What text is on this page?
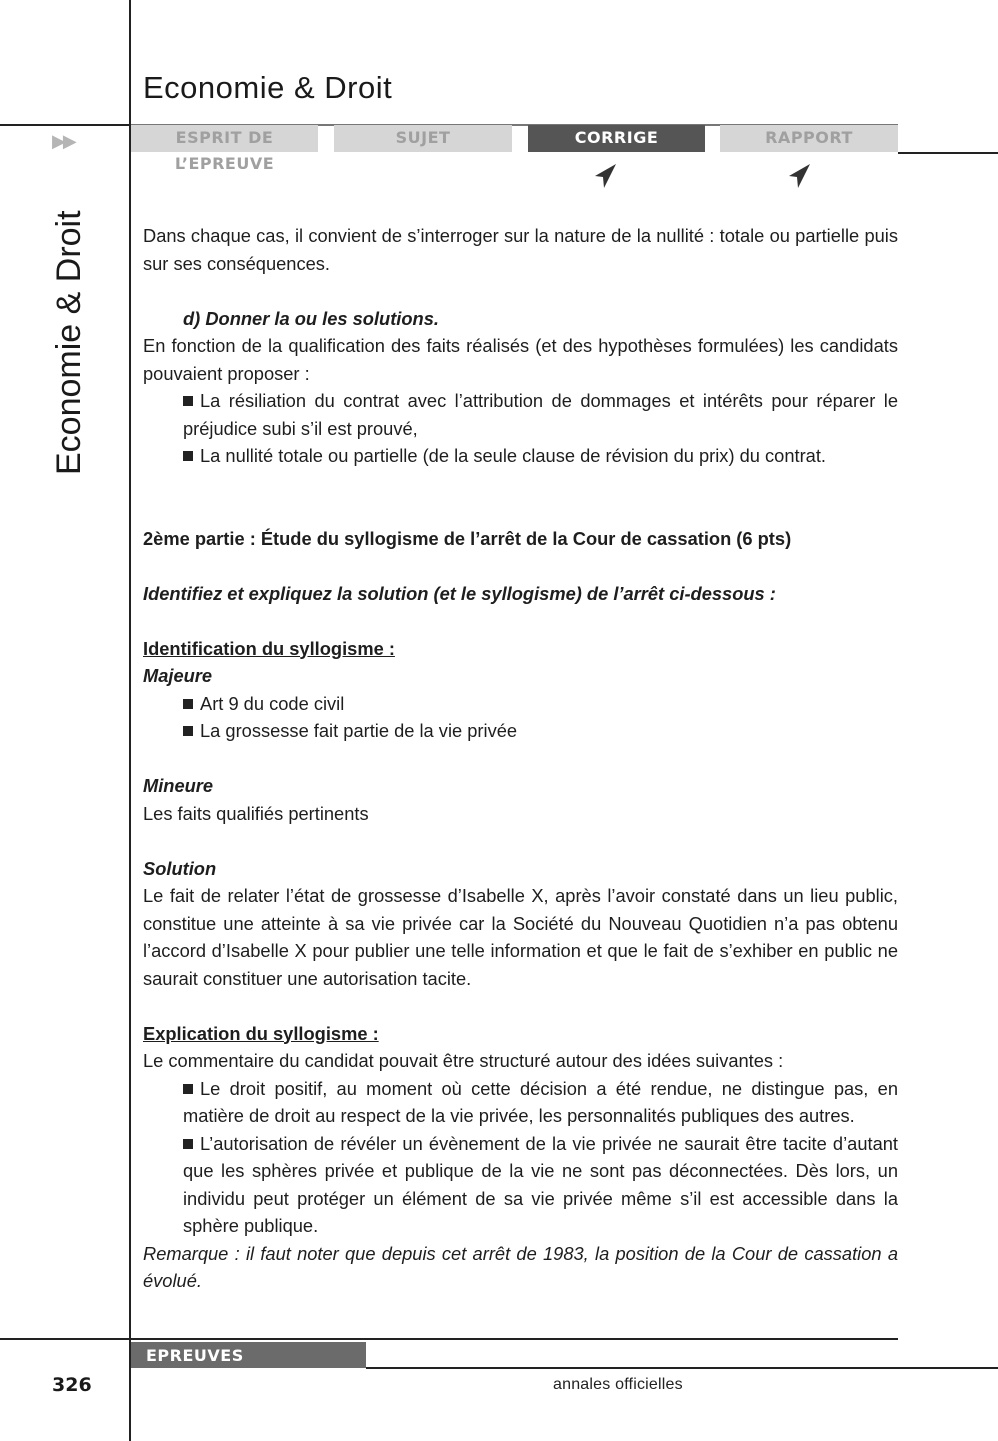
Economie & Droit
▶▶
Economie & Droit
ESPRIT DE L’EPREUVE
SUJET	CORRIGE	RAPPORT

Dans chaque cas, il convient de s’interroger sur la nature de la nullité : totale ou partielle puis sur ses conséquences.

d) Donner la ou les solutions.

En fonction de la qualification des faits réalisés (et des hypothèses formulées) les candidats pouvaient proposer :

La résiliation du contrat avec l’attribution de dommages et intérêts pour réparer le préjudice subi s’il est prouvé,

La nullité totale ou partielle (de la seule clause de révision du prix) du contrat.

2ème partie : Étude du syllogisme de l’arrêt de la Cour de cassation (6 pts)

Identifiez et expliquez la solution (et le syllogisme) de l’arrêt ci-dessous :

Identification du syllogisme :

Majeure

Art 9 du code civil

La grossesse fait partie de la vie privée

Mineure

Les faits qualifiés pertinents

Solution

Le fait de relater l’état de grossesse d’Isabelle X, après l’avoir constaté dans un lieu public, constitue une atteinte à sa vie privée car la Société du Nouveau Quotidien n’a pas obtenu l’accord d’Isabelle X pour publier une telle information et que le fait de s’exhiber en public ne saurait constituer une autorisation tacite.

Explication du syllogisme :

Le commentaire du candidat pouvait être structuré autour des idées suivantes :

Le droit positif, au moment où cette décision a été rendue, ne distingue pas, en matière de droit au respect de la vie privée, les personnalités publiques des autres.

L’autorisation de révéler un évènement de la vie privée ne saurait être tacite d’autant que les sphères privée et publique de la vie ne sont pas déconnectées. Dès lors, un individu peut protéger un élément de sa vie privée même s’il est accessible dans la sphère publique.

Remarque : il faut noter que depuis cet arrêt de 1983, la position de la Cour de cassation a évolué.

EPREUVES SPECIFIQUES
326	annales officielles
